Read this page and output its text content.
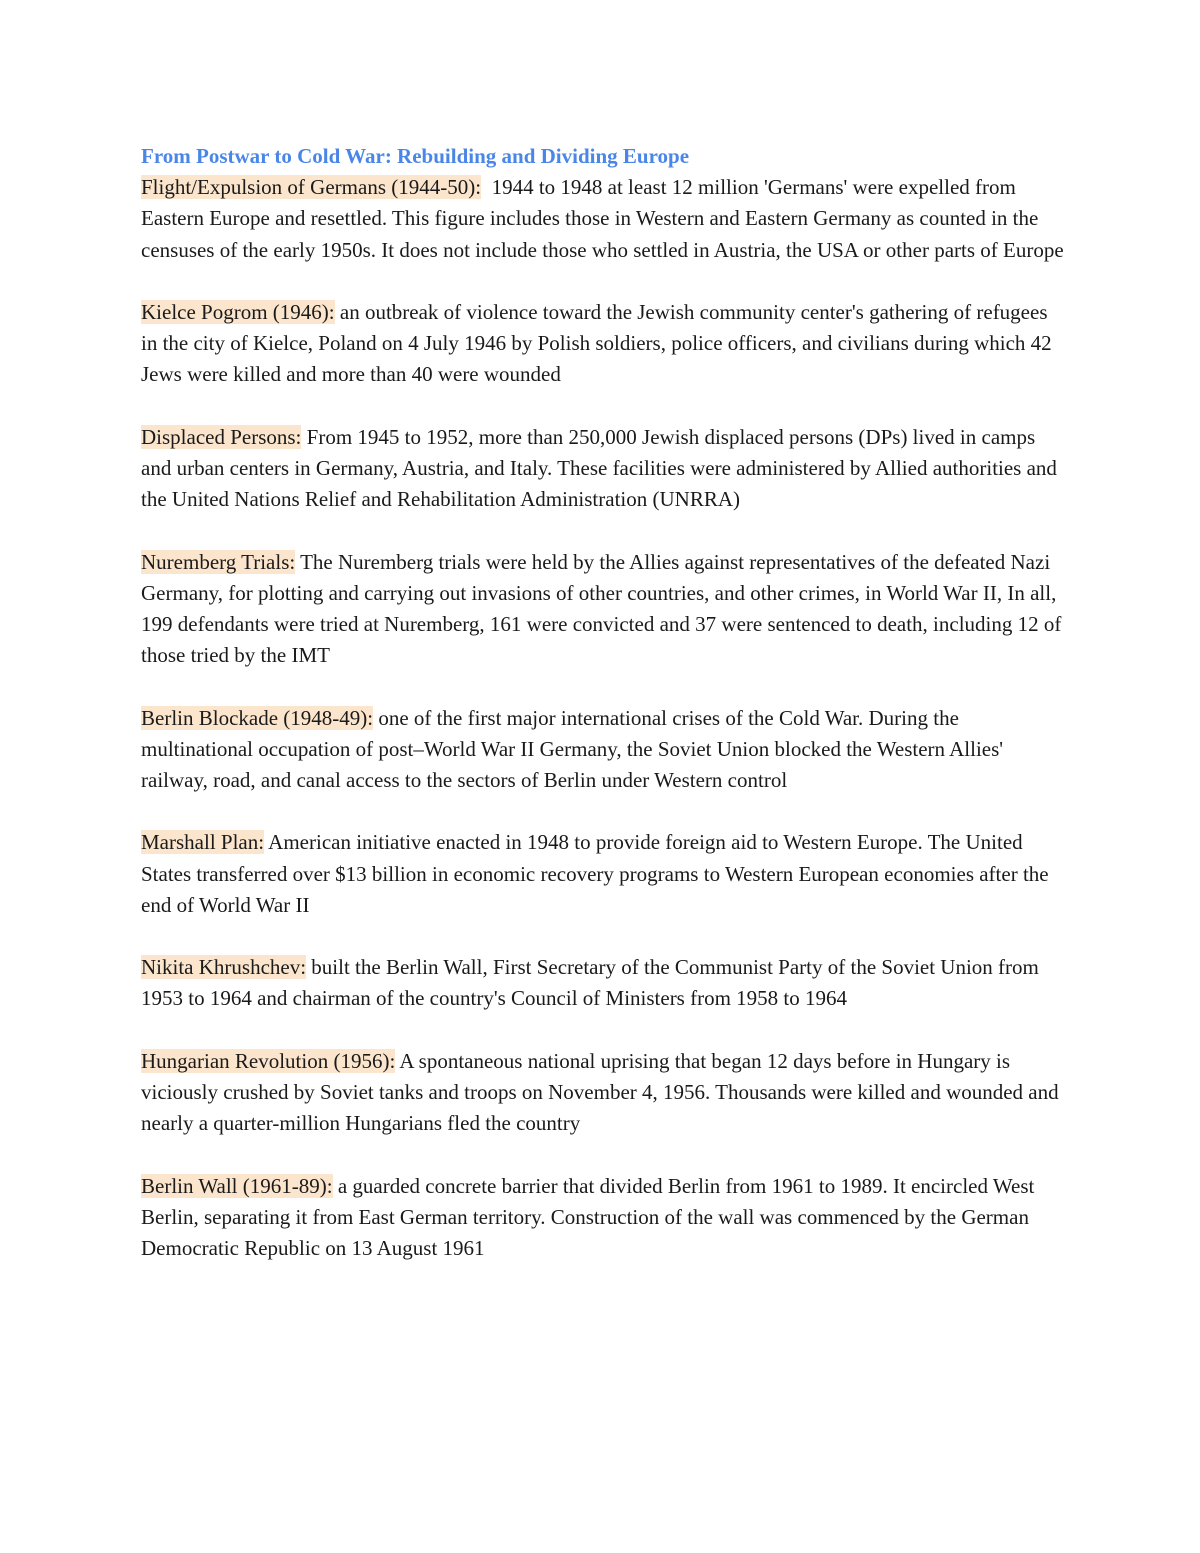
From Postwar to Cold War: Rebuilding and Dividing Europe

Flight/Expulsion of Germans (1944-50):  1944 to 1948 at least 12 million 'Germans' were expelled from Eastern Europe and resettled. This figure includes those in Western and Eastern Germany as counted in the censuses of the early 1950s. It does not include those who settled in Austria, the USA or other parts of Europe

Kielce Pogrom (1946): an outbreak of violence toward the Jewish community center's gathering of refugees in the city of Kielce, Poland on 4 July 1946 by Polish soldiers, police officers, and civilians during which 42 Jews were killed and more than 40 were wounded

Displaced Persons: From 1945 to 1952, more than 250,000 Jewish displaced persons (DPs) lived in camps and urban centers in Germany, Austria, and Italy. These facilities were administered by Allied authorities and the United Nations Relief and Rehabilitation Administration (UNRRA)

Nuremberg Trials: The Nuremberg trials were held by the Allies against representatives of the defeated Nazi Germany, for plotting and carrying out invasions of other countries, and other crimes, in World War II, In all, 199 defendants were tried at Nuremberg, 161 were convicted and 37 were sentenced to death, including 12 of those tried by the IMT

Berlin Blockade (1948-49): one of the first major international crises of the Cold War. During the multinational occupation of post–World War II Germany, the Soviet Union blocked the Western Allies' railway, road, and canal access to the sectors of Berlin under Western control

Marshall Plan: American initiative enacted in 1948 to provide foreign aid to Western Europe. The United States transferred over $13 billion in economic recovery programs to Western European economies after the end of World War II

Nikita Khrushchev: built the Berlin Wall, First Secretary of the Communist Party of the Soviet Union from 1953 to 1964 and chairman of the country's Council of Ministers from 1958 to 1964

Hungarian Revolution (1956): A spontaneous national uprising that began 12 days before in Hungary is viciously crushed by Soviet tanks and troops on November 4, 1956. Thousands were killed and wounded and nearly a quarter-million Hungarians fled the country

Berlin Wall (1961-89): a guarded concrete barrier that divided Berlin from 1961 to 1989. It encircled West Berlin, separating it from East German territory. Construction of the wall was commenced by the German Democratic Republic on 13 August 1961
